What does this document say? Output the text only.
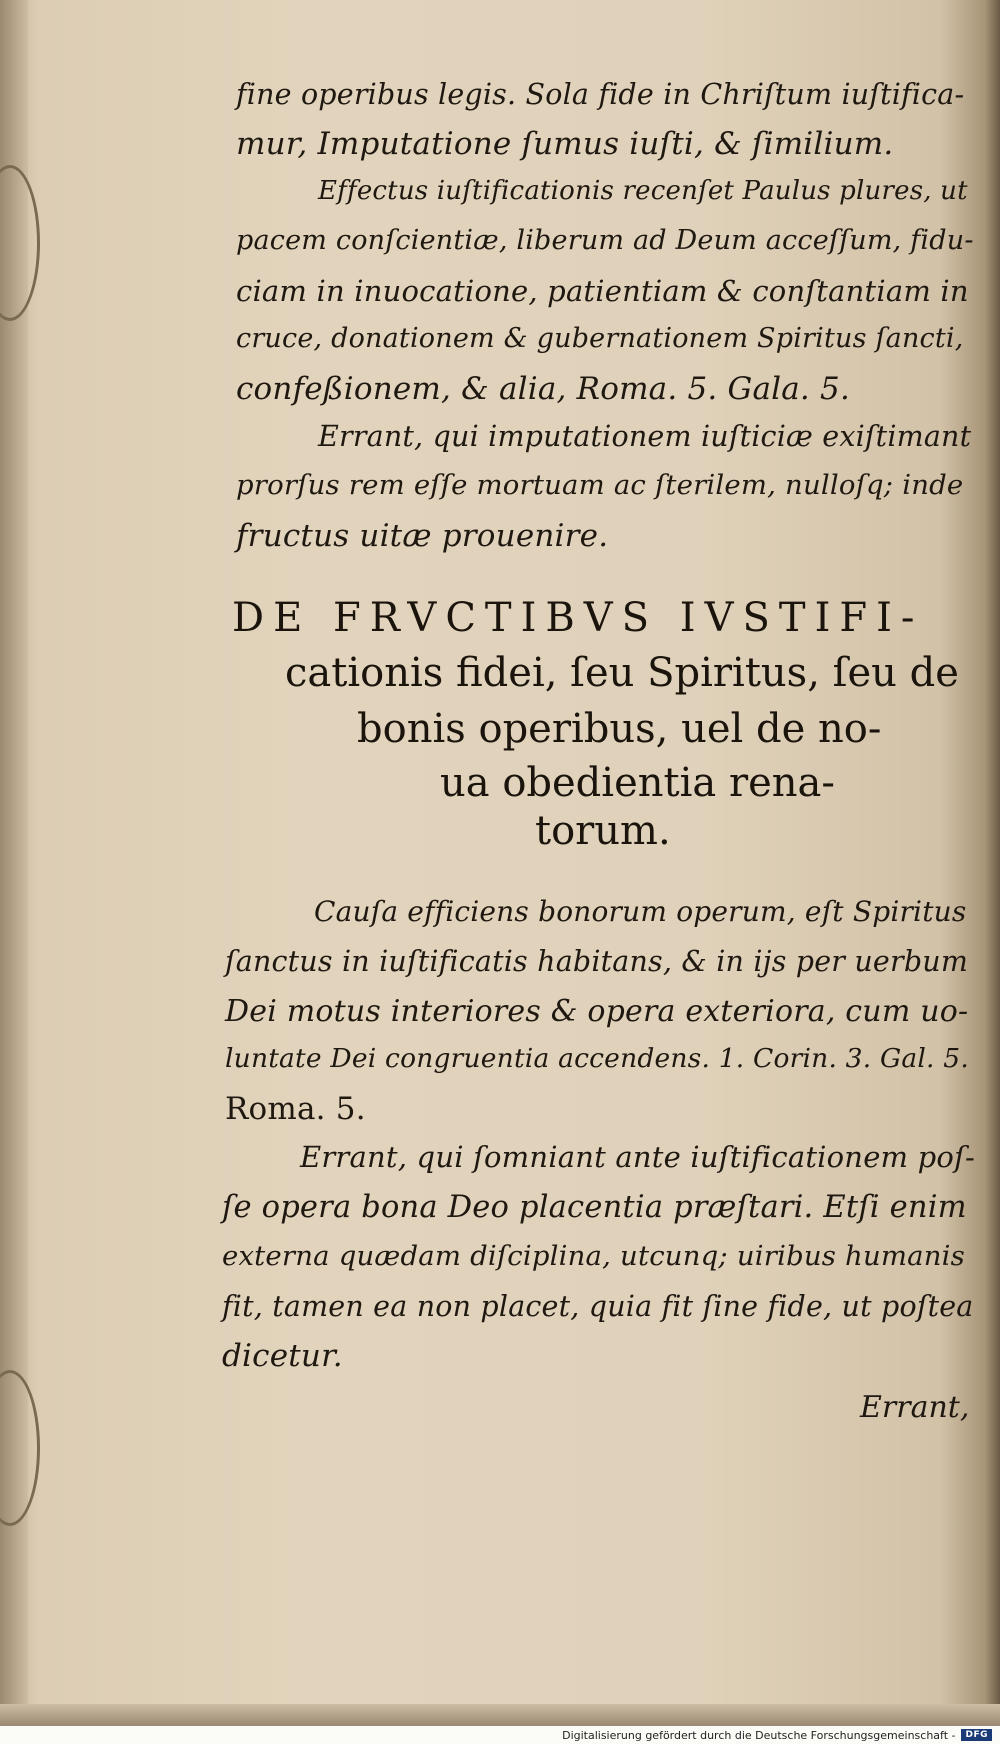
fine operibus legis. Sola fide in Chriſtum iuſtifica-
mur, Imputatione ſumus iuſti, & ſimilium.
Effectus iuſtificationis recenſet Paulus plures, ut
pacem conſcientiæ, liberum ad Deum acceſſum, fidu-
ciam in inuocatione, patientiam & conſtantiam in
cruce, donationem & gubernationem Spiritus ſancti,
confeßionem, & alia, Roma. 5. Gala. 5.
Errant, qui imputationem iuſticiæ exiſtimant
prorſus rem eſſe mortuam ac ſterilem, nulloſq; inde
fructus uitæ prouenire.
DE FRVCTIBVS IVSTIFI-
cationis fidei, ſeu Spiritus, ſeu de
bonis operibus, uel de no-
ua obedientia rena-
torum.
Cauſa efficiens bonorum operum, eſt Spiritus
ſanctus in iuſtificatis habitans, & in ijs per uerbum
Dei motus interiores & opera exteriora, cum uo-
luntate Dei congruentia accendens. 1. Corin. 3. Gal. 5.
Roma. 5.
Errant, qui ſomniant ante iuſtificationem poſ-
ſe opera bona Deo placentia præſtari. Etſi enim
externa quædam diſciplina, utcunq; uiribus humanis
fit, tamen ea non placet, quia fit ſine fide, ut poſtea
dicetur.
Errant,
Digitalisierung gefördert durch die Deutsche Forschungsgemeinschaft -	DFG
